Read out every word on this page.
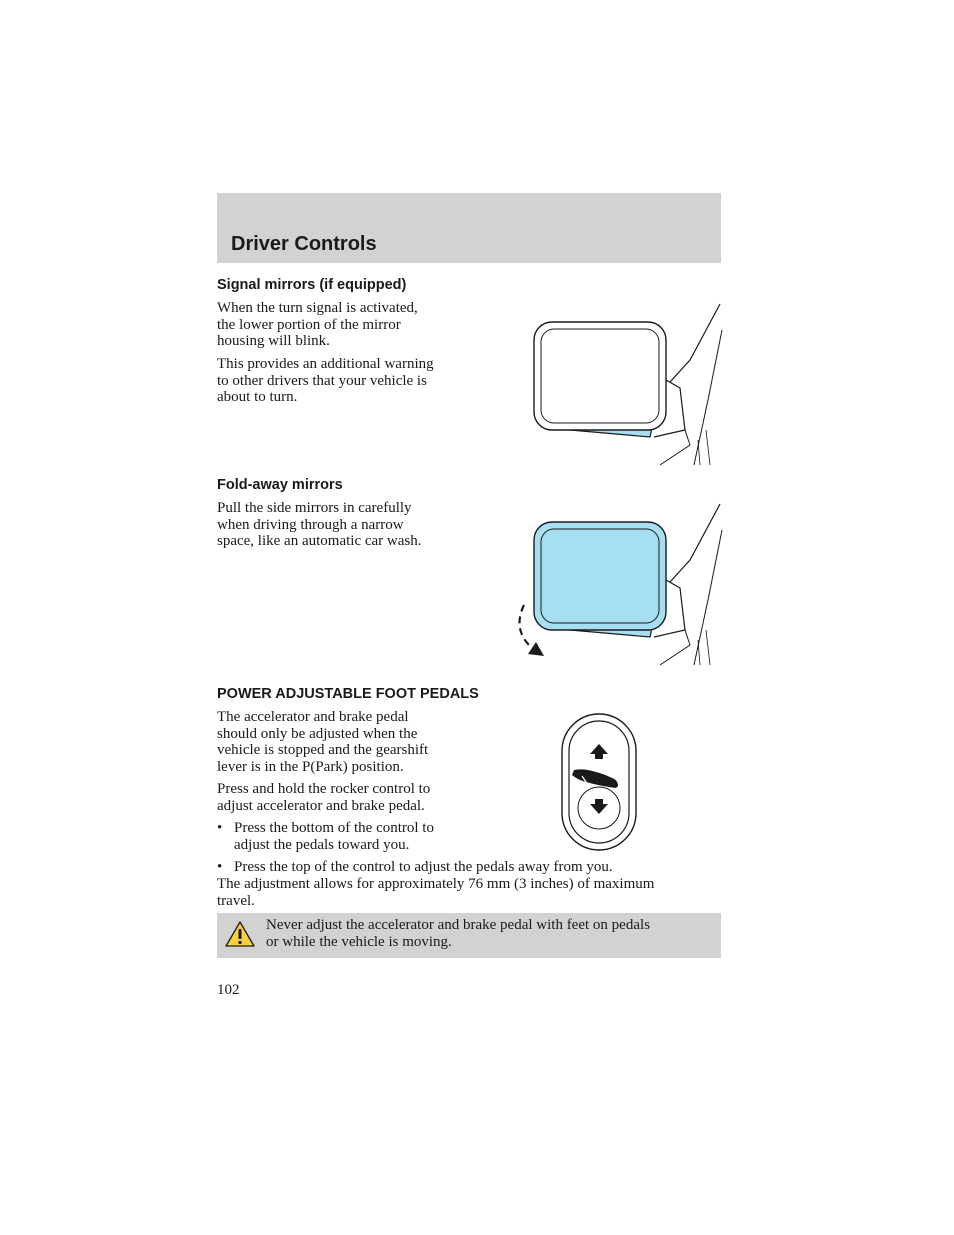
Driver Controls
Signal mirrors (if equipped)
When the turn signal is activated,
the lower portion of the mirror
housing will blink.
This provides an additional warning
to other drivers that your vehicle is
about to turn.
Fold-away mirrors
Pull the side mirrors in carefully
when driving through a narrow
space, like an automatic car wash.
POWER ADJUSTABLE FOOT PEDALS
The accelerator and brake pedal
should only be adjusted when the
vehicle is stopped and the gearshift
lever is in the P(Park) position.
Press and hold the rocker control to
adjust accelerator and brake pedal.
• Press the bottom of the control to
adjust the pedals toward you.
• Press the top of the control to adjust the pedals away from you.
The adjustment allows for approximately 76 mm (3 inches) of maximum
travel.
Never adjust the accelerator and brake pedal with feet on pedals
or while the vehicle is moving.
102
